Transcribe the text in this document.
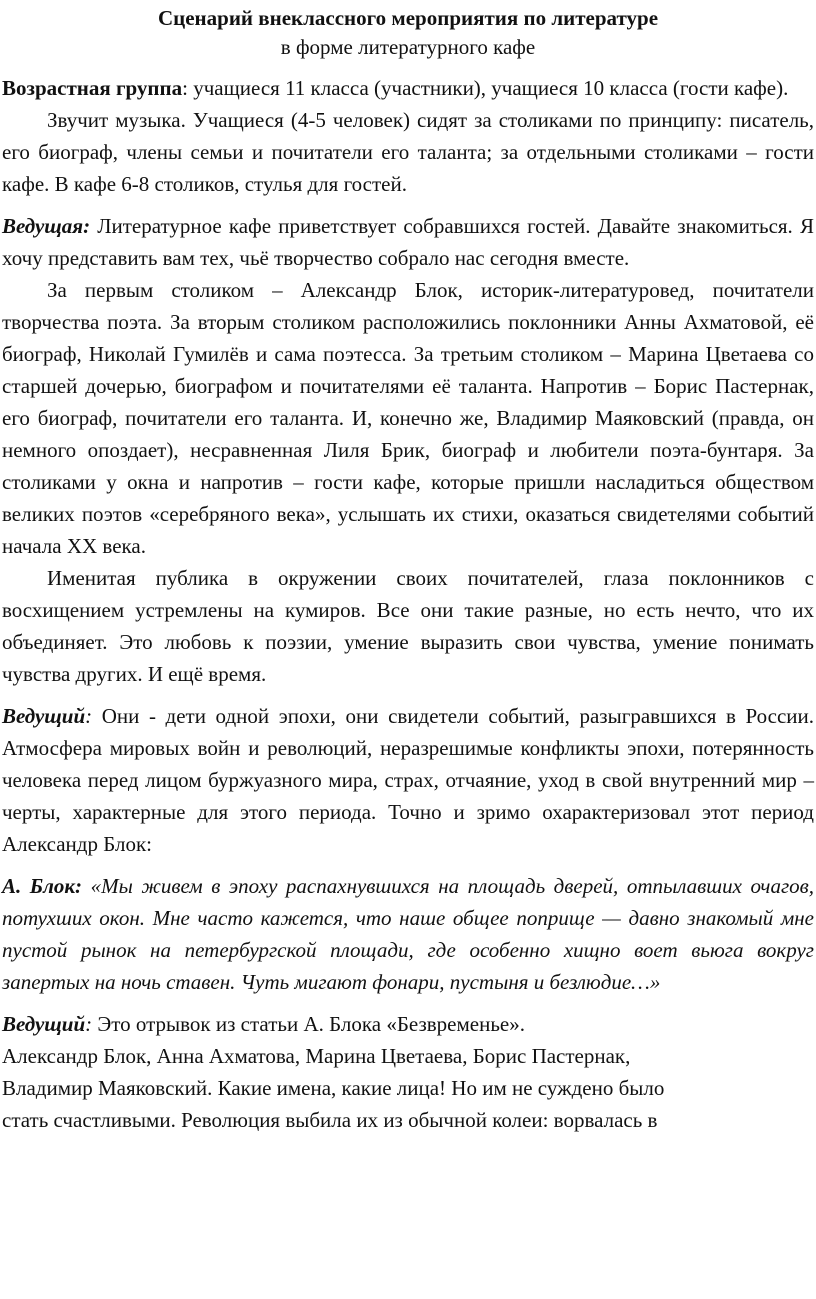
Сценарий внеклассного мероприятия по литературе
в форме литературного кафе

Возрастная группа: учащиеся 11 класса (участники), учащиеся 10 класса (гости кафе).

Звучит музыка. Учащиеся (4-5 человек) сидят за столиками по принципу: писатель, его биограф, члены семьи и почитатели его таланта; за отдельными столиками – гости кафе. В кафе 6-8 столиков, стулья для гостей.

Ведущая: Литературное кафе приветствует собравшихся гостей. Давайте знакомиться. Я хочу представить вам тех, чьё творчество собрало нас сегодня вместе.

За первым столиком – Александр Блок, историк-литературовед, почитатели творчества поэта. За вторым столиком расположились поклонники Анны Ахматовой, её биограф, Николай Гумилёв и сама поэтесса. За третьим столиком – Марина Цветаева со старшей дочерью, биографом и почитателями её таланта. Напротив – Борис Пастернак, его биограф, почитатели его таланта. И, конечно же, Владимир Маяковский (правда, он немного опоздает), несравненная Лиля Брик, биограф и любители поэта-бунтаря. За столиками у окна и напротив – гости кафе, которые пришли насладиться обществом великих поэтов «серебряного века», услышать их стихи, оказаться свидетелями событий начала XX века.

Именитая публика в окружении своих почитателей, глаза поклонников с восхищением устремлены на кумиров. Все они такие разные, но есть нечто, что их объединяет. Это любовь к поэзии, умение выразить свои чувства, умение понимать чувства других. И ещё время.

Ведущий: Они - дети одной эпохи, они свидетели событий, разыгравшихся в России. Атмосфера мировых войн и революций, неразрешимые конфликты эпохи, потерянность человека перед лицом буржуазного мира, страх, отчаяние, уход в свой внутренний мир – черты, характерные для этого периода. Точно и зримо охарактеризовал этот период Александр Блок:

А. Блок: «Мы живем в эпоху распахнувшихся на площадь дверей, отпылавших очагов, потухших окон. Мне часто кажется, что наше общее поприще — давно знакомый мне пустой рынок на петербургской площади, где особенно хищно воет вьюга вокруг запертых на ночь ставен. Чуть мигают фонари, пустыня и безлюдие…»

Ведущий: Это отрывок из статьи А. Блока «Безвременье».

Александр Блок, Анна Ахматова, Марина Цветаева, Борис Пастернак,
Владимир Маяковский. Какие имена, какие лица! Но им не суждено было
стать счастливыми. Революция выбила их из обычной колеи: ворвалась в
